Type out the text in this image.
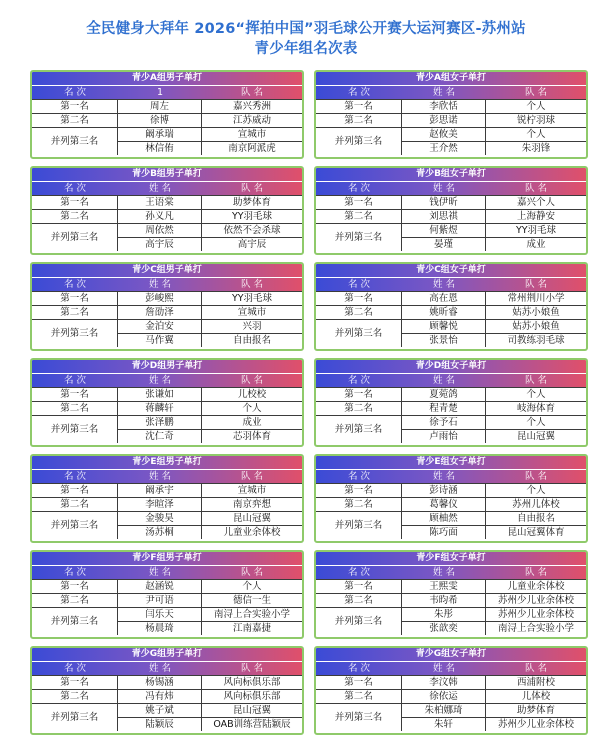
全民健身大拜年 2026“挥拍中国”羽毛球公开赛大运河赛区-苏州站
青少年组名次表
青少A组男子单打
名 次	1	队 名
第一名	周左	嘉兴秀洲
第二名	徐博	江苏威动
并列第三名
阚承瑞	宣城市
林信侑	南京阿派虎
青少A组女子单打
名 次	姓 名	队 名
第一名	李欣恬	个人
第二名	彭思诺	锐柠羽球
并列第三名
赵攸美	个人
王介然	朱羽锋
青少B组男子单打
名 次	姓 名	队 名
第一名	王语棠	助梦体育
第二名	孙义凡	YY羽毛球
并列第三名
周依然	依然不会杀球
高宇辰	高宇辰
青少B组女子单打
名 次	姓 名	队 名
第一名	钱伊昕	嘉兴个人
第二名	刘思祺	上海静安
并列第三名
何紫煜	YY羽毛球
晏瑾	成业
青少C组男子单打
名 次	姓 名	队 名
第一名	彭峻熙	YY羽毛球
第二名	詹劭泽	宣城市
并列第三名
金泊安	兴羽
马作翼	自由报名
青少C组女子单打
名 次	姓 名	队 名
第一名	高在恩	常州荆川小学
第二名	姚昕睿	姑苏小娘鱼
并列第三名
顾馨悦	姑苏小娘鱼
张景怡	司教练羽毛球
青少D组男子单打
名 次	姓 名	队 名
第一名	张谦如	儿校校
第二名	蒋麟轩	个人
并列第三名
张泽鹏	成业
沈仁奇	芯羽体育
青少D组女子单打
名 次	姓 名	队 名
第一名	夏菀鸽	个人
第二名	程青楚	岐海体育
并列第三名
徐予石	个人
卢雨怡	昆山冠翼
青少E组男子单打
名 次	姓 名	队 名
第一名	阚承宇	宣城市
第二名	李暄泽	南京弈想
并列第三名
金骏昊	昆山冠翼
汤苏桐	儿童业余体校
青少E组女子单打
名 次	姓 名	队 名
第一名	彭诗涵	个人
第二名	葛馨仪	苏州儿体校
并列第三名
顾柚然	自由报名
陈巧面	昆山冠翼体育
青少F组男子单打
名 次	姓 名	队 名
第一名	赵涵锐	个人
第二名	尹可语	德信一生
并列第三名
闫乐天	南浔上合实验小学
杨晨琦	江南嘉捷
青少F组女子单打
名 次	姓 名	队 名
第一名	王熙雯	儿童业余体校
第二名	韦昀希	苏州少儿业余体校
并列第三名
朱彤	苏州少儿业余体校
张歆奕	南浔上合实验小学
青少G组男子单打
名 次	姓 名	队 名
第一名	杨锡涵	风向标俱乐部
第二名	冯有炜	风向标俱乐部
并列第三名
姚子斌	昆山冠翼
陆颖辰	OAB训练营陆颖辰
青少G组女子单打
名 次	姓 名	队 名
第一名	李汶韩	西浦附校
第二名	徐依运	儿体校
并列第三名
朱柏娜琦	助梦体育
朱轩	苏州少儿业余体校
